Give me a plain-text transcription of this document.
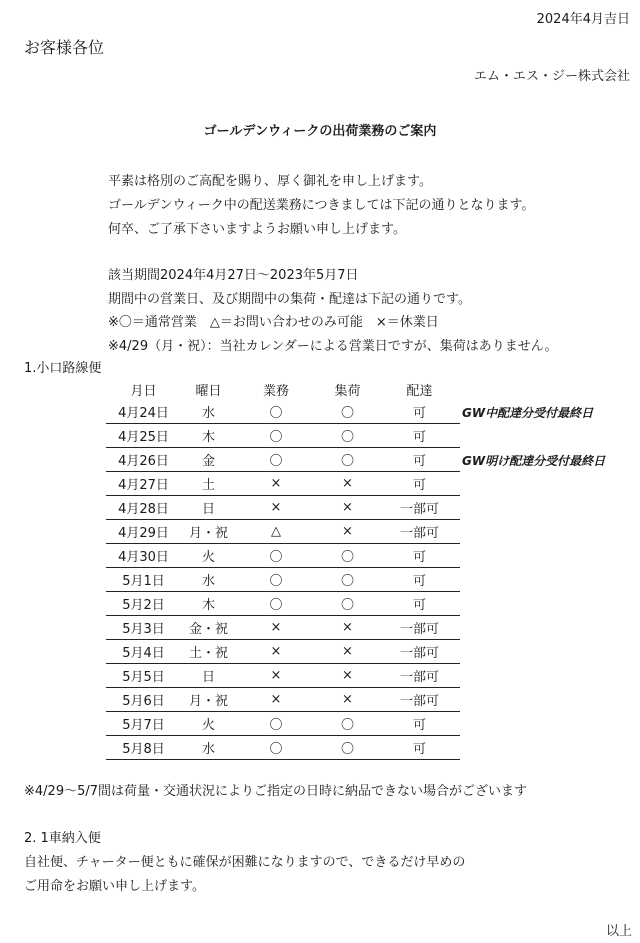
2024年4月吉日
お客様各位
エム・エス・ジー株式会社
ゴールデンウィークの出荷業務のご案内
平素は格別のご高配を賜り、厚く御礼を申し上げます。
ゴールデンウィーク中の配送業務につきましては下記の通りとなります。
何卒、ご了承下さいますようお願い申し上げます。
該当期間2024年4月27日～2023年5月7日
期間中の営業日、及び期間中の集荷・配達は下記の通りです。
※〇＝通常営業　△＝お問い合わせのみ可能　×＝休業日
※4/29（月・祝）：当社カレンダーによる営業日ですが、集荷はありません。
1.小口路線便
月日	曜日	業務	集荷	配達
4月24日	水	〇	〇	可
4月25日	木	〇	〇	可
4月26日	金	〇	〇	可
4月27日	土	×	×	可
4月28日	日	×	×	一部可
4月29日	月・祝	△	×	一部可
4月30日	火	〇	〇	可
5月1日	水	〇	〇	可
5月2日	木	〇	〇	可
5月3日	金・祝	×	×	一部可
5月4日	土・祝	×	×	一部可
5月5日	日	×	×	一部可
5月6日	月・祝	×	×	一部可
5月7日	火	〇	〇	可
5月8日	水	〇	〇	可
GW中配達分受付最終日
GW明け配達分受付最終日
※4/29～5/7間は荷量・交通状況によりご指定の日時に納品できない場合がございます
2. 1車納入便
自社便、チャーター便ともに確保が困難になりますので、できるだけ早めの
ご用命をお願い申し上げます。
以上
